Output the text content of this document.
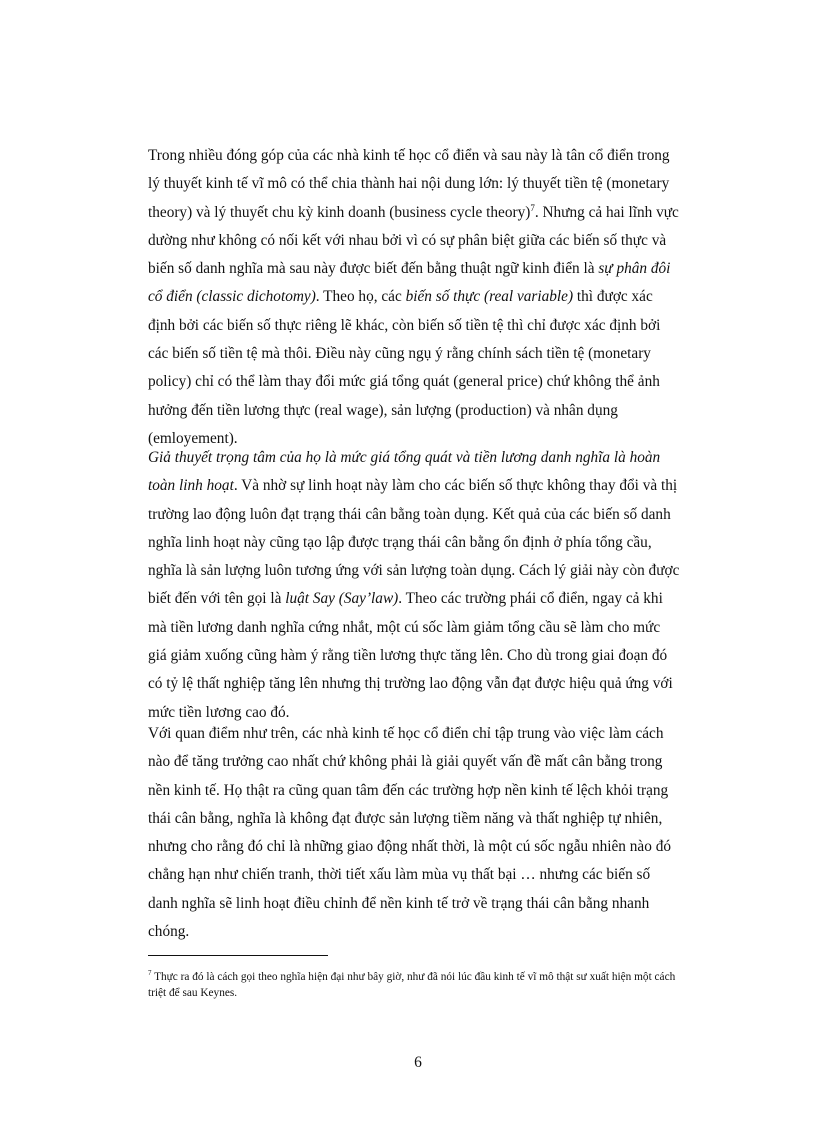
Trong nhiều đóng góp của các nhà kinh tế học cổ điển và sau này là tân cổ điển trong lý thuyết kinh tế vĩ mô có thể chia thành hai nội dung lớn: lý thuyết tiền tệ (monetary theory) và lý thuyết chu kỳ kinh doanh (business cycle theory)$^7$. Nhưng cả hai lĩnh vực dường như không có nối kết với nhau bởi vì có sự phân biệt giữa các biến số thực và biến số danh nghĩa mà sau này được biết đến bằng thuật ngữ kinh điển là sự phân đôi cổ điển (classic dichotomy). Theo họ, các biến số thực (real variable) thì được xác định bởi các biến số thực riêng lẽ khác, còn biến số tiền tệ thì chỉ được xác định bởi các biến số tiền tệ mà thôi. Điều này cũng ngụ ý rằng chính sách tiền tệ (monetary policy) chỉ có thể làm thay đổi mức giá tổng quát (general price) chứ không thể ảnh hưởng đến tiền lương thực (real wage), sản lượng (production) và nhân dụng (emloyement).

Giả thuyết trọng tâm của họ là mức giá tổng quát và tiền lương danh nghĩa là hoàn toàn linh hoạt. Và nhờ sự linh hoạt này làm cho các biến số thực không thay đổi và thị trường lao động luôn đạt trạng thái cân bằng toàn dụng. Kết quả của các biến số danh nghĩa linh hoạt này cũng tạo lập được trạng thái cân bằng ổn định ở phía tổng cầu, nghĩa là sản lượng luôn tương ứng với sản lượng toàn dụng. Cách lý giải này còn được biết đến với tên gọi là luật Say (Say’law). Theo các trường phái cổ điển, ngay cả khi mà tiền lương danh nghĩa cứng nhắt, một cú sốc làm giảm tổng cầu sẽ làm cho mức giá giảm xuống cũng hàm ý rằng tiền lương thực tăng lên. Cho dù trong giai đoạn đó có tỷ lệ thất nghiệp tăng lên nhưng thị trường lao động vẫn đạt được hiệu quả ứng với mức tiền lương cao đó.

Với quan điểm như trên, các nhà kinh tế học cổ điển chỉ tập trung vào việc làm cách nào để tăng trưởng cao nhất chứ không phải là giải quyết vấn đề mất cân bằng trong nền kinh tế. Họ thật ra cũng quan tâm đến các trường hợp nền kinh tế lệch khỏi trạng thái cân bằng, nghĩa là không đạt được sản lượng tiềm năng và thất nghiệp tự nhiên, nhưng cho rằng đó chỉ là những giao động nhất thời, là một cú sốc ngẫu nhiên nào đó chẳng hạn như chiến tranh, thời tiết xấu làm mùa vụ thất bại … nhưng các biến số danh nghĩa sẽ linh hoạt điều chỉnh để nền kinh tế trở về trạng thái cân bằng nhanh chóng.

$^7$ Thực ra đó là cách gọi theo nghĩa hiện đại như bây giờ, như đã nói lúc đầu kinh tế vĩ mô thật sư xuất hiện một cách triệt để sau Keynes.

6
